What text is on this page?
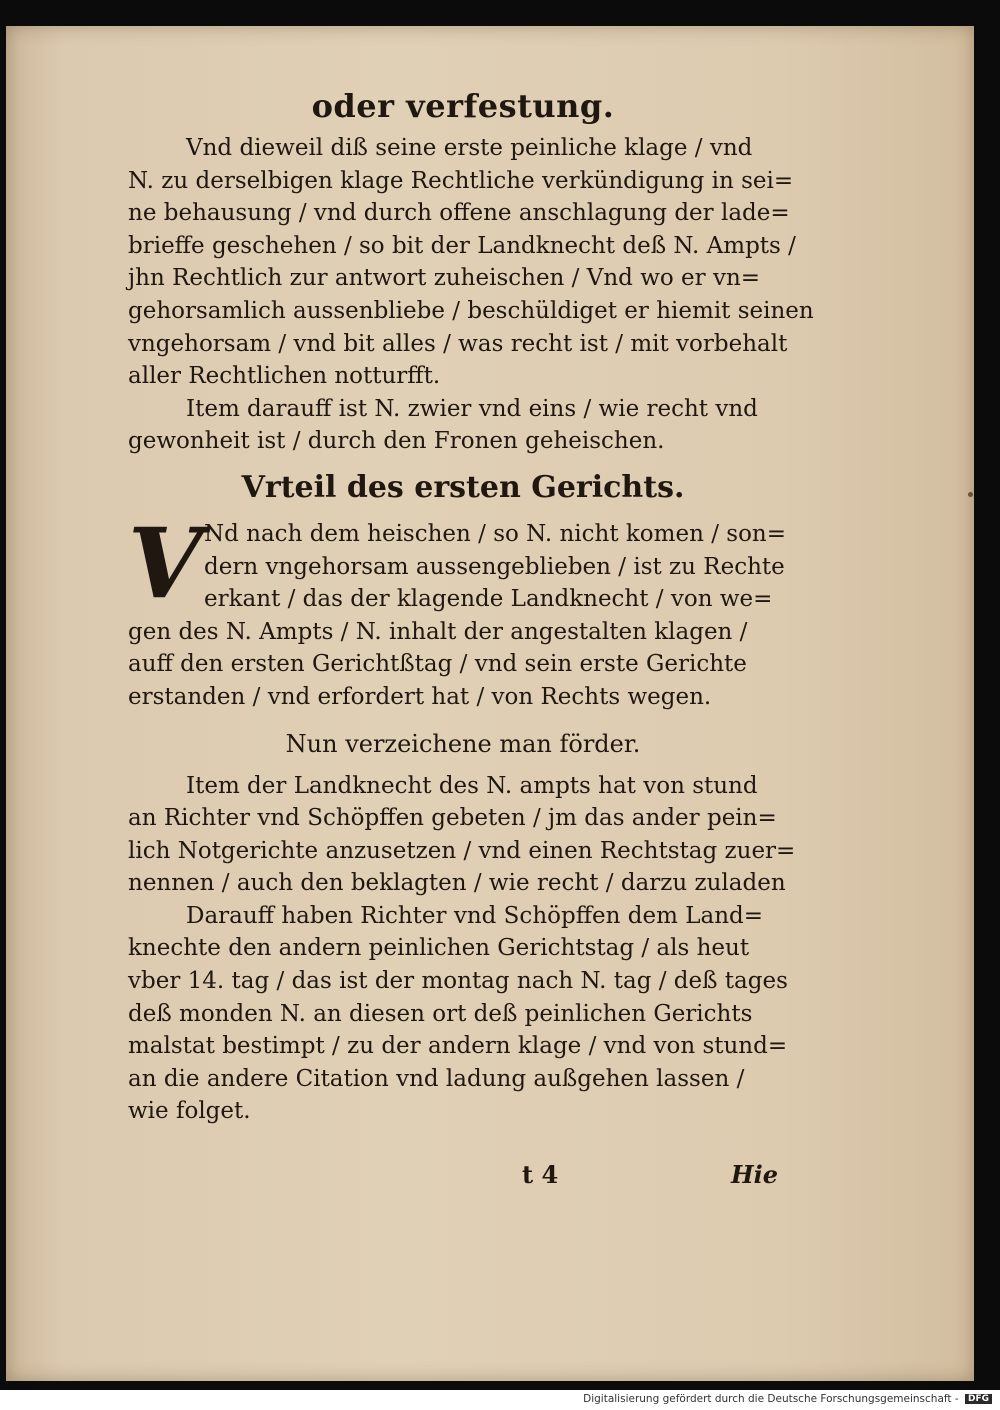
oder verfestung.

Vnd dieweil diß seine erste peinliche klage / vnd
N. zu derselbigen klage Rechtliche verkündigung in sei=
ne behausung / vnd durch offene anschlagung der lade=
brieffe geschehen / so bit der Landknecht deß N. Ampts /
jhn Rechtlich zur antwort zuheischen / Vnd wo er vn=
gehorsamlich aussenbliebe / beschüldiget er hiemit seinen
vngehorsam / vnd bit alles / was recht ist / mit vorbehalt
aller Rechtlichen notturfft.

Item darauff ist N. zwier vnd eins / wie recht vnd
gewonheit ist / durch den Fronen geheischen.

Vrteil des ersten Gerichts.
V Nd nach dem heischen / so N. nicht komen / son=
dern vngehorsam aussengeblieben / ist zu Rechte
erkant / das der klagende Landknecht / von we=
gen des N. Ampts / N. inhalt der angestalten klagen /
auff den ersten Gerichtßtag / vnd sein erste Gerichte
erstanden / vnd erfordert hat / von Rechts wegen.
Nun verzeichene man förder.

Item der Landknecht des N. ampts hat von stund
an Richter vnd Schöpffen gebeten / jm das ander pein=
lich Notgerichte anzusetzen / vnd einen Rechtstag zuer=
nennen / auch den beklagten / wie recht / darzu zuladen

Darauff haben Richter vnd Schöpffen dem Land=
knechte den andern peinlichen Gerichtstag / als heut
vber 14. tag / das ist der montag nach N. tag / deß tages
deß monden N. an diesen ort deß peinlichen Gerichts
malstat bestimpt / zu der andern klage / vnd von stund=
an die andere Citation vnd ladung außgehen lassen /
wie folget.

t 4	Hie
Digitalisierung gefördert durch die Deutsche Forschungsgemeinschaft - DFG
